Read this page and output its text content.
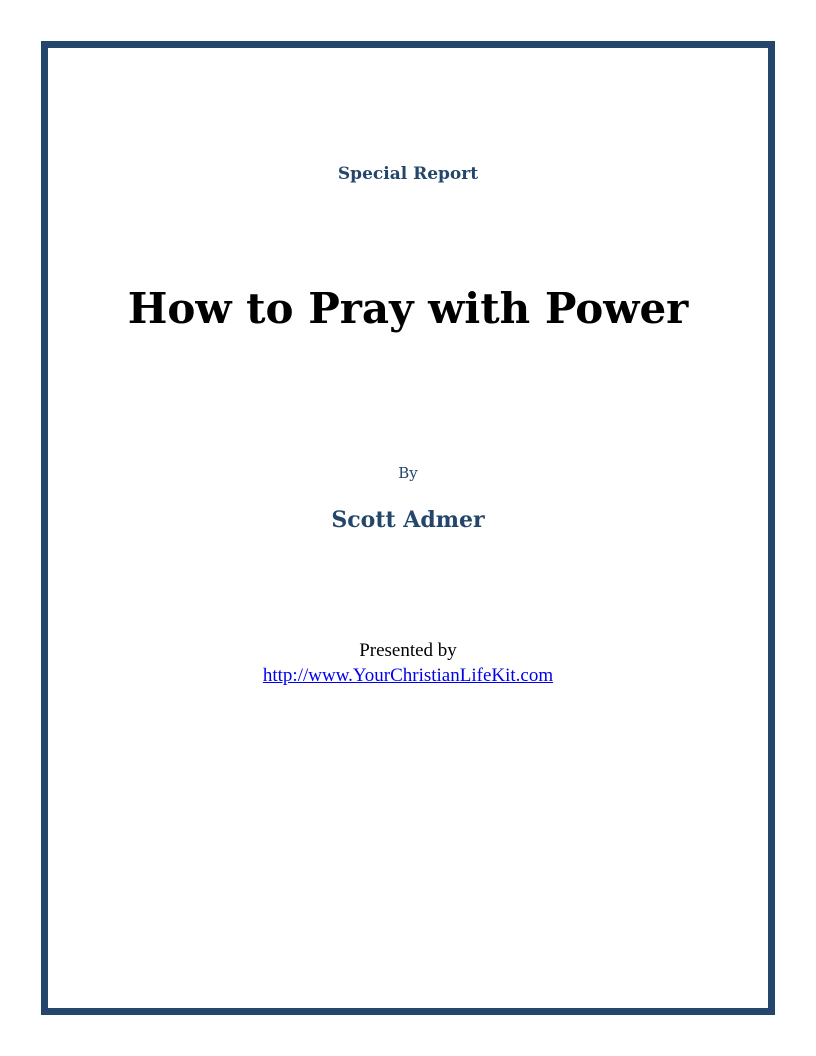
Special Report
How to Pray with Power
By
Scott Admer
Presented by
http://www.YourChristianLifeKit.com
